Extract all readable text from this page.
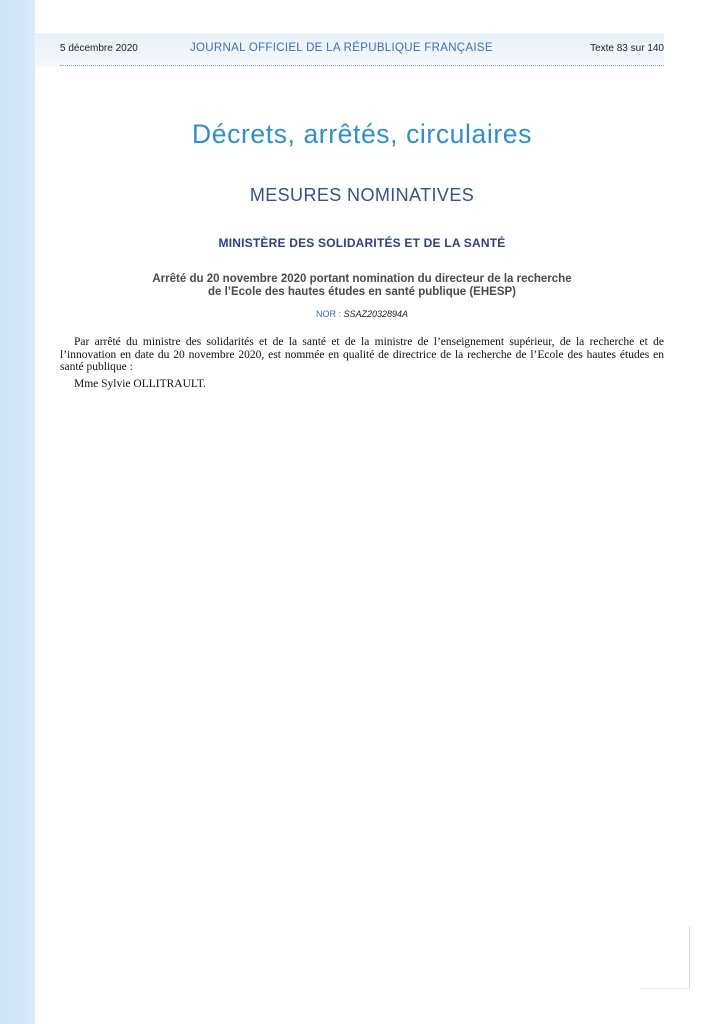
5 décembre 2020	JOURNAL OFFICIEL DE LA RÉPUBLIQUE FRANÇAISE	Texte 83 sur 140
Décrets, arrêtés, circulaires
MESURES NOMINATIVES
MINISTÈRE DES SOLIDARITÉS ET DE LA SANTÉ
Arrêté du 20 novembre 2020 portant nomination du directeur de la recherche
de l’Ecole des hautes études en santé publique (EHESP)
NOR : SSAZ2032894A

Par arrêté du ministre des solidarités et de la santé et de la ministre de l’enseignement supérieur, de la recherche et de l’innovation en date du 20 novembre 2020, est nommée en qualité de directrice de la recherche de l’Ecole des hautes études en santé publique :

Mme Sylvie OLLITRAULT.
